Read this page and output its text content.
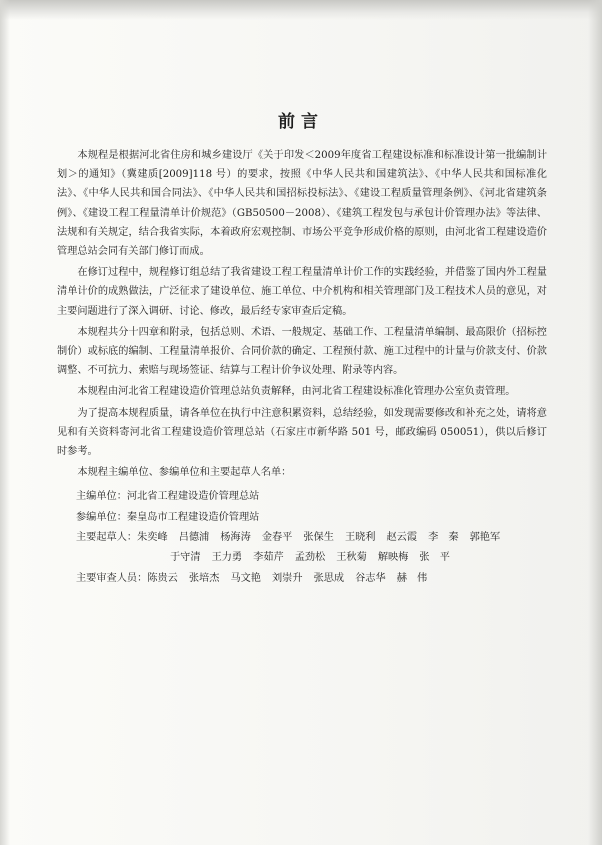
前言

本规程是根据河北省住房和城乡建设厅《关于印发＜2009年度省工程建设标准和标准设计第一批编制计划＞的通知》（冀建质[2009]118 号）的要求，按照《中华人民共和国建筑法》、《中华人民共和国标准化法》、《中华人民共和国合同法》、《中华人民共和国招标投标法》、《建设工程质量管理条例》、《河北省建筑条例》、《建设工程工程量清单计价规范》（GB50500－2008）、《建筑工程发包与承包计价管理办法》等法律、法规和有关规定，结合我省实际，本着政府宏观控制、市场公平竞争形成价格的原则，由河北省工程建设造价管理总站会同有关部门修订而成。

在修订过程中，规程修订组总结了我省建设工程工程量清单计价工作的实践经验，并借鉴了国内外工程量清单计价的成熟做法，广泛征求了建设单位、施工单位、中介机构和相关管理部门及工程技术人员的意见，对主要问题进行了深入调研、讨论、修改，最后经专家审查后定稿。

本规程共分十四章和附录，包括总则、术语、一般规定、基础工作、工程量清单编制、最高限价（招标控制价）或标底的编制、工程量清单报价、合同价款的确定、工程预付款、施工过程中的计量与价款支付、价款调整、不可抗力、索赔与现场签证、结算与工程计价争议处理、附录等内容。

本规程由河北省工程建设造价管理总站负责解释，由河北省工程建设标准化管理办公室负责管理。

为了提高本规程质量，请各单位在执行中注意积累资料，总结经验，如发现需要修改和补充之处，请将意见和有关资料寄河北省工程建设造价管理总站（石家庄市新华路 501 号，邮政编码 050051），供以后修订时参考。

本规程主编单位、参编单位和主要起草人名单：

主编单位：河北省工程建设造价管理总站
参编单位：秦皇岛市工程建设造价管理站
主要起草人：朱奕峰 吕德浦 杨海涛 金春平 张保生 王晓利 赵云霞 李　秦 郭艳军
于守清 王力勇 李茹芹 孟劲松 王秋菊 解映梅 张　平
主要审查人员：陈贵云 张培杰 马文艳 刘崇升 张思成 谷志华 赫　伟
